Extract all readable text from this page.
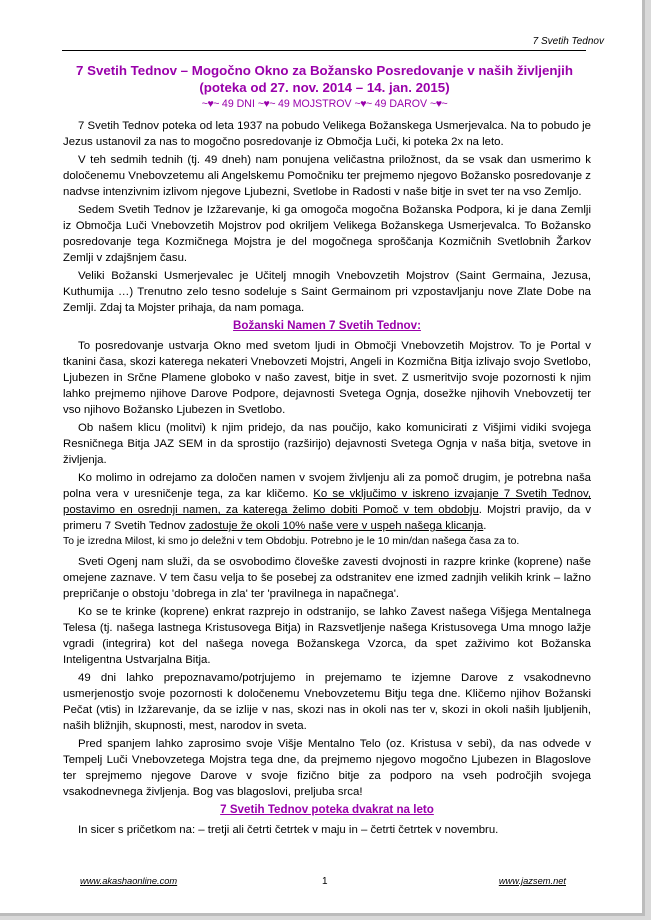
7 Svetih Tednov
7 Svetih Tednov – Mogočno Okno za Božansko Posredovanje v naših življenjih
(poteka od 27. nov. 2014 – 14. jan. 2015)
~♥~ 49 DNI ~♥~ 49 MOJSTROV ~♥~ 49 DAROV ~♥~

7 Svetih Tednov poteka od leta 1937 na pobudo Velikega Božanskega Usmerjevalca. Na to pobudo je Jezus ustanovil za nas to mogočno posredovanje iz Območja Luči, ki poteka 2x na leto.

V teh sedmih tednih (tj. 49 dneh) nam ponujena veličastna priložnost, da se vsak dan usmerimo k določenemu Vnebovzetemu ali Angelskemu Pomočniku ter prejmemo njegovo Božansko posredovanje z nadvse intenzivnim izlivom njegove Ljubezni, Svetlobe in Radosti v naše bitje in svet ter na vso Zemljo.

Sedem Svetih Tednov je Izžarevanje, ki ga omogoča mogočna Božanska Podpora, ki je dana Zemlji iz Območja Luči Vnebovzetih Mojstrov pod okriljem Velikega Božanskega Usmerjevalca. To Božansko posredovanje tega Kozmičnega Mojstra je del mogočnega sproščanja Kozmičnih Svetlobnih Žarkov Zemlji v zdajšnjem času.

Veliki Božanski Usmerjevalec je Učitelj mnogih Vnebovzetih Mojstrov (Saint Germaina, Jezusa, Kuthumija …) Trenutno zelo tesno sodeluje s Saint Germainom pri vzpostavljanju nove Zlate Dobe na Zemlji. Zdaj ta Mojster prihaja, da nam pomaga.

Božanski Namen 7 Svetih Tednov:

To posredovanje ustvarja Okno med svetom ljudi in Območji Vnebovzetih Mojstrov. To je Portal v tkanini časa, skozi katerega nekateri Vnebovzeti Mojstri, Angeli in Kozmična Bitja izlivajo svojo Svetlobo, Ljubezen in Srčne Plamene globoko v našo zavest, bitje in svet. Z usmeritvijo svoje pozornosti k njim lahko prejmemo njihove Darove Podpore, dejavnosti Svetega Ognja, dosežke njihovih Vnebovzetij ter vso njihovo Božansko Ljubezen in Svetlobo.

Ob našem klicu (molitvi) k njim pridejo, da nas poučijo, kako komunicirati z Višjimi vidiki svojega Resničnega Bitja JAZ SEM in da sprostijo (razširijo) dejavnosti Svetega Ognja v naša bitja, svetove in življenja.

Ko molimo in odrejamo za določen namen v svojem življenju ali za pomoč drugim, je potrebna naša polna vera v uresničenje tega, za kar kličemo. Ko se vključimo v iskreno izvajanje 7 Svetih Tednov, postavimo en osrednji namen, za katerega želimo dobiti Pomoč v tem obdobju. Mojstri pravijo, da v primeru 7 Svetih Tednov zadostuje že okoli 10% naše vere v uspeh našega klicanja.

To je izredna Milost, ki smo jo deležni v tem Obdobju. Potrebno je le 10 min/dan našega časa za to.

Sveti Ogenj nam služi, da se osvobodimo človeške zavesti dvojnosti in razpre krinke (koprene) naše omejene zaznave. V tem času velja to še posebej za odstranitev ene izmed zadnjih velikih krink – lažno prepričanje o obstoju 'dobrega in zla' ter 'pravilnega in napačnega'.

Ko se te krinke (koprene) enkrat razprejo in odstranijo, se lahko Zavest našega Višjega Mentalnega Telesa (tj. našega lastnega Kristusovega Bitja) in Razsvetljenje našega Kristusovega Uma mnogo lažje vgradi (integrira) kot del našega novega Božanskega Vzorca, da spet zaživimo kot Božanska Inteligentna Ustvarjalna Bitja.

49 dni lahko prepoznavamo/potrjujemo in prejemamo te izjemne Darove z vsakodnevno usmerjenostjo svoje pozornosti k določenemu Vnebovzetemu Bitju tega dne. Kličemo njihov Božanski Pečat (vtis) in Izžarevanje, da se izlije v nas, skozi nas in okoli nas ter v, skozi in okoli naših ljubljenih, naših bližnjih, skupnosti, mest, narodov in sveta.

Pred spanjem lahko zaprosimo svoje Višje Mentalno Telo (oz. Kristusa v sebi), da nas odvede v Tempelj Luči Vnebovzetega Mojstra tega dne, da prejmemo njegovo mogočno Ljubezen in Blagoslove ter sprejmemo njegove Darove v svoje fizično bitje za podporo na vseh področjih svojega vsakodnevnega življenja. Bog vas blagoslovi, preljuba srca!

7 Svetih Tednov poteka dvakrat na leto

In sicer s pričetkom na: – tretji ali četrti četrtek v maju in – četrti četrtek v novembru.

www.akashaonline.com	1	www.jazsem.net
